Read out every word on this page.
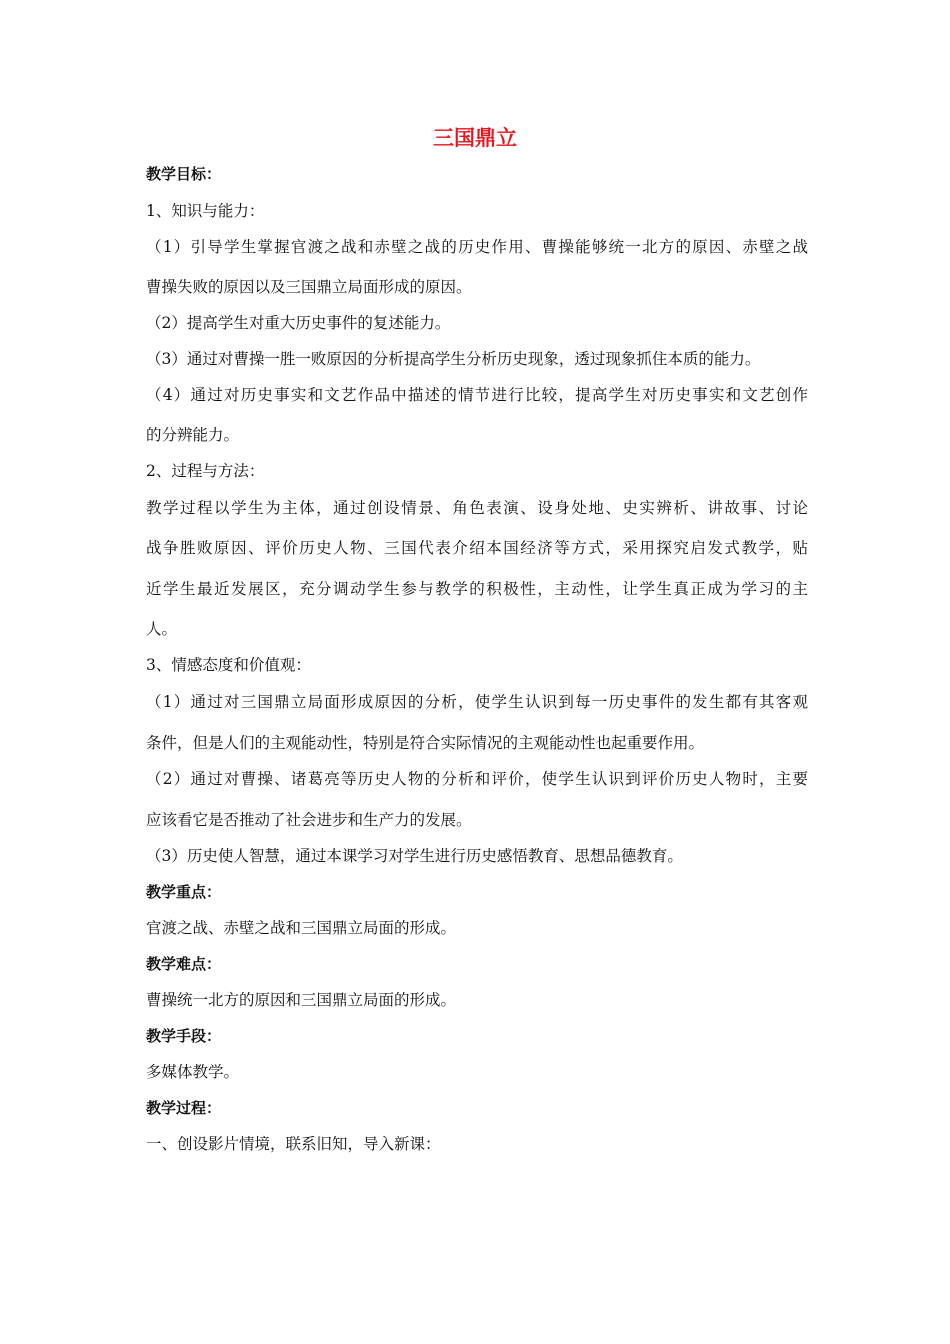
三国鼎立
教学目标：
1、知识与能力：
（1）引导学生掌握官渡之战和赤壁之战的历史作用、曹操能够统一北方的原因、赤壁之战
曹操失败的原因以及三国鼎立局面形成的原因。
（2）提高学生对重大历史事件的复述能力。
（3）通过对曹操一胜一败原因的分析提高学生分析历史现象，透过现象抓住本质的能力。
（4）通过对历史事实和文艺作品中描述的情节进行比较，提高学生对历史事实和文艺创作
的分辨能力。
2、过程与方法：
教学过程以学生为主体，通过创设情景、角色表演、设身处地、史实辨析、讲故事、讨论
战争胜败原因、评价历史人物、三国代表介绍本国经济等方式，采用探究启发式教学，贴
近学生最近发展区，充分调动学生参与教学的积极性，主动性，让学生真正成为学习的主
人。
3、情感态度和价值观：
（1）通过对三国鼎立局面形成原因的分析，使学生认识到每一历史事件的发生都有其客观
条件，但是人们的主观能动性，特别是符合实际情况的主观能动性也起重要作用。
（2）通过对曹操、诸葛亮等历史人物的分析和评价，使学生认识到评价历史人物时，主要
应该看它是否推动了社会进步和生产力的发展。
（3）历史使人智慧，通过本课学习对学生进行历史感悟教育、思想品德教育。
教学重点：
官渡之战、赤壁之战和三国鼎立局面的形成。
教学难点：
曹操统一北方的原因和三国鼎立局面的形成。
教学手段：
多媒体教学。
教学过程：
一、创设影片情境，联系旧知，导入新课：
